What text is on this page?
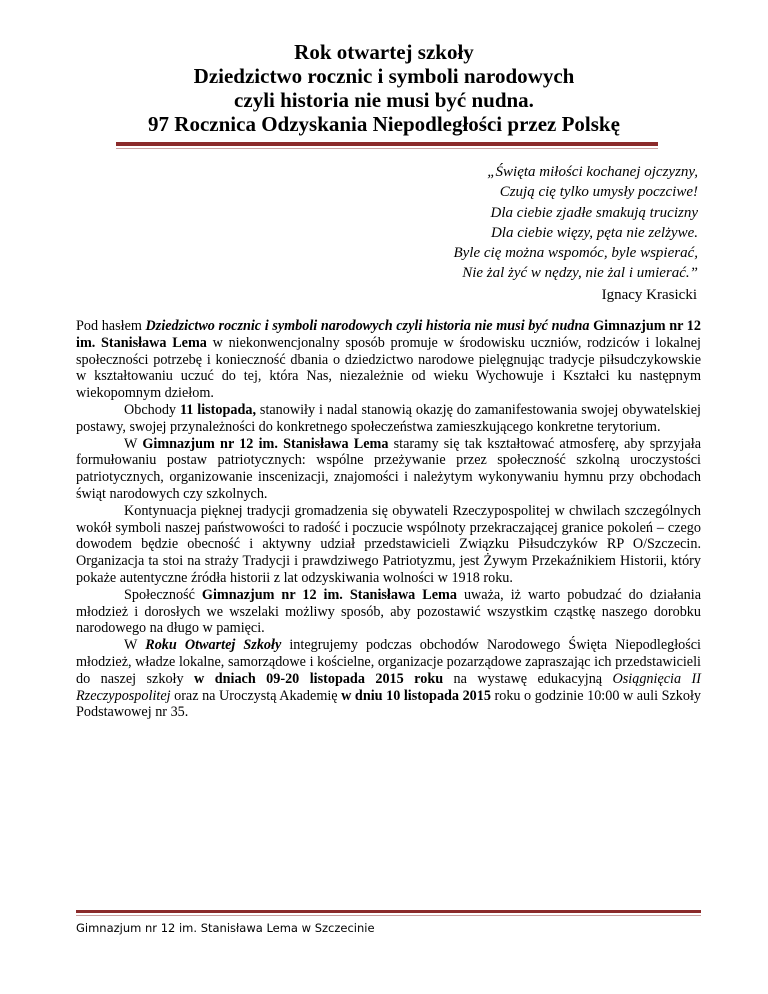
Rok otwartej szkoły
Dziedzictwo rocznic i symboli narodowych
czyli historia nie musi być nudna.
97 Rocznica Odzyskania Niepodległości przez Polskę
„Święta miłości kochanej ojczyzny,
Czują cię tylko umysły poczciwe!
Dla ciebie zjadłe smakują trucizny
Dla ciebie więzy, pęta nie zelżywe.
Byle cię można wspomóc, byle wspierać,
Nie żal żyć w nędzy, nie żal i umierać.”
Ignacy Krasicki

Pod hasłem Dziedzictwo rocznic i symboli narodowych czyli historia nie musi być nudna Gimnazjum nr 12 im. Stanisława Lema w niekonwencjonalny sposób promuje w środowisku uczniów, rodziców i lokalnej społeczności potrzebę i konieczność dbania o dziedzictwo narodowe pielęgnując tradycje piłsudczykowskie w kształtowaniu uczuć do tej, która Nas, niezależnie od wieku Wychowuje i Kształci ku następnym wiekopomnym dziełom.

Obchody 11 listopada, stanowiły i nadal stanowią okazję do zamanifestowania swojej obywatelskiej postawy, swojej przynależności do konkretnego społeczeństwa zamieszkującego konkretne terytorium.

W Gimnazjum nr 12 im. Stanisława Lema staramy się tak kształtować atmosferę, aby sprzyjała formułowaniu postaw patriotycznych: wspólne przeżywanie przez społeczność szkolną uroczystości patriotycznych, organizowanie inscenizacji, znajomości i należytym wykonywaniu hymnu przy obchodach świąt narodowych czy szkolnych.

Kontynuacja pięknej tradycji gromadzenia się obywateli Rzeczypospolitej w chwilach szczególnych wokół symboli naszej państwowości to radość i poczucie wspólnoty przekraczającej granice pokoleń – czego dowodem będzie obecność i aktywny udział przedstawicieli Związku Piłsudczyków RP O/Szczecin. Organizacja ta stoi na straży Tradycji i prawdziwego Patriotyzmu, jest Żywym Przekaźnikiem Historii, który pokaże autentyczne źródła historii z lat odzyskiwania wolności w 1918 roku.

Społeczność Gimnazjum nr 12 im. Stanisława Lema uważa, iż warto pobudzać do działania młodzież i dorosłych we wszelaki możliwy sposób, aby pozostawić wszystkim cząstkę naszego dorobku narodowego na długo w pamięci.

W Roku Otwartej Szkoły integrujemy podczas obchodów Narodowego Święta Niepodległości młodzież, władze lokalne, samorządowe i kościelne, organizacje pozarządowe zapraszając ich przedstawicieli do naszej szkoły w dniach 09-20 listopada 2015 roku na wystawę edukacyjną Osiągnięcia II Rzeczypospolitej oraz na Uroczystą Akademię w dniu 10 listopada 2015 roku o godzinie 10:00 w auli Szkoły Podstawowej nr 35.

Gimnazjum nr 12 im. Stanisława Lema w Szczecinie
